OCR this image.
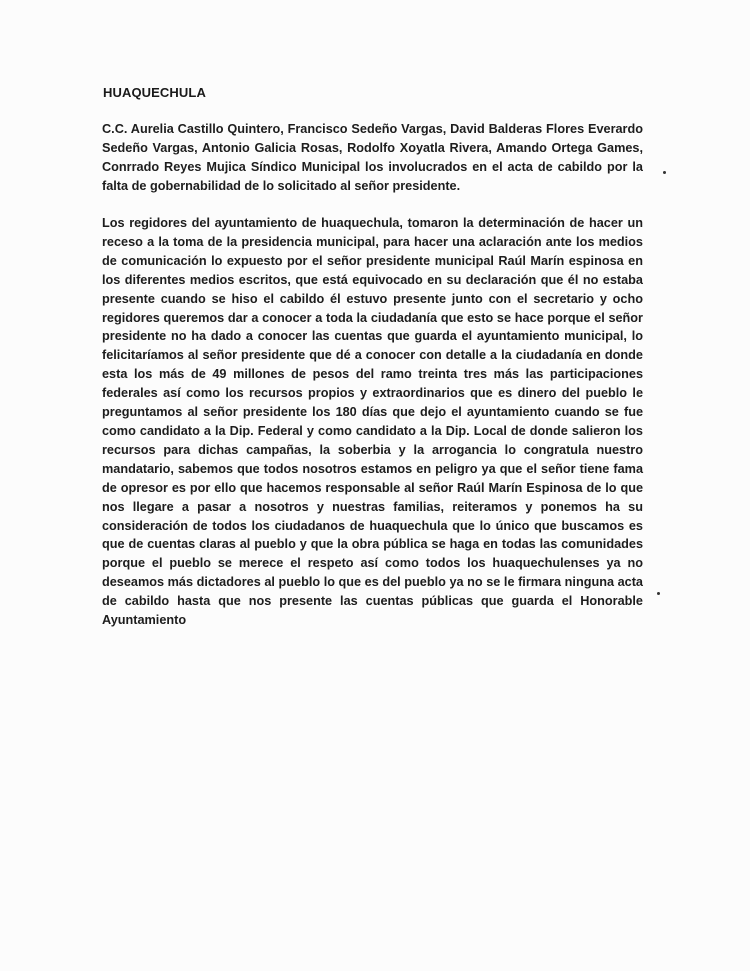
HUAQUECHULA

C.C. Aurelia Castillo Quintero, Francisco Sedeño Vargas, David Balderas Flores Everardo Sedeño Vargas, Antonio Galicia Rosas, Rodolfo Xoyatla Rivera, Amando Ortega Games, Conrrado Reyes Mujica Síndico Municipal los involucrados en el acta de cabildo por la falta de gobernabilidad de lo solicitado al señor presidente.

Los regidores del ayuntamiento de huaquechula, tomaron la determinación de hacer un receso a la toma de la presidencia municipal, para hacer una aclaración ante los medios de comunicación lo expuesto por el señor presidente municipal Raúl Marín espinosa en los diferentes medios escritos, que está equivocado en su declaración que él no estaba presente cuando se hiso el cabildo él estuvo presente junto con el secretario y ocho regidores queremos dar a conocer a toda la ciudadanía que esto se hace porque el señor presidente no ha dado a conocer las cuentas que guarda el ayuntamiento municipal, lo felicitaríamos al señor presidente que dé a conocer con detalle a la ciudadanía en donde esta los más de 49 millones de pesos del ramo treinta tres más las participaciones federales así como los recursos propios y extraordinarios que es dinero del pueblo le preguntamos al señor presidente los 180 días que dejo el ayuntamiento cuando se fue como candidato a la Dip. Federal y como candidato a la Dip. Local de donde salieron los recursos para dichas campañas, la soberbia y la arrogancia lo congratula nuestro mandatario, sabemos que todos nosotros estamos en peligro ya que el señor tiene fama de opresor es por ello que hacemos responsable al señor Raúl Marín Espinosa de lo que nos llegare a pasar a nosotros y nuestras familias, reiteramos y ponemos ha su consideración de todos los ciudadanos de huaquechula que lo único que buscamos es que de cuentas claras al pueblo y que la obra pública se haga en todas las comunidades porque el pueblo se merece el respeto así como todos los huaquechulenses ya no deseamos más dictadores al pueblo lo que es del pueblo ya no se le firmara ninguna acta de cabildo hasta que nos presente las cuentas públicas que guarda el Honorable Ayuntamiento
